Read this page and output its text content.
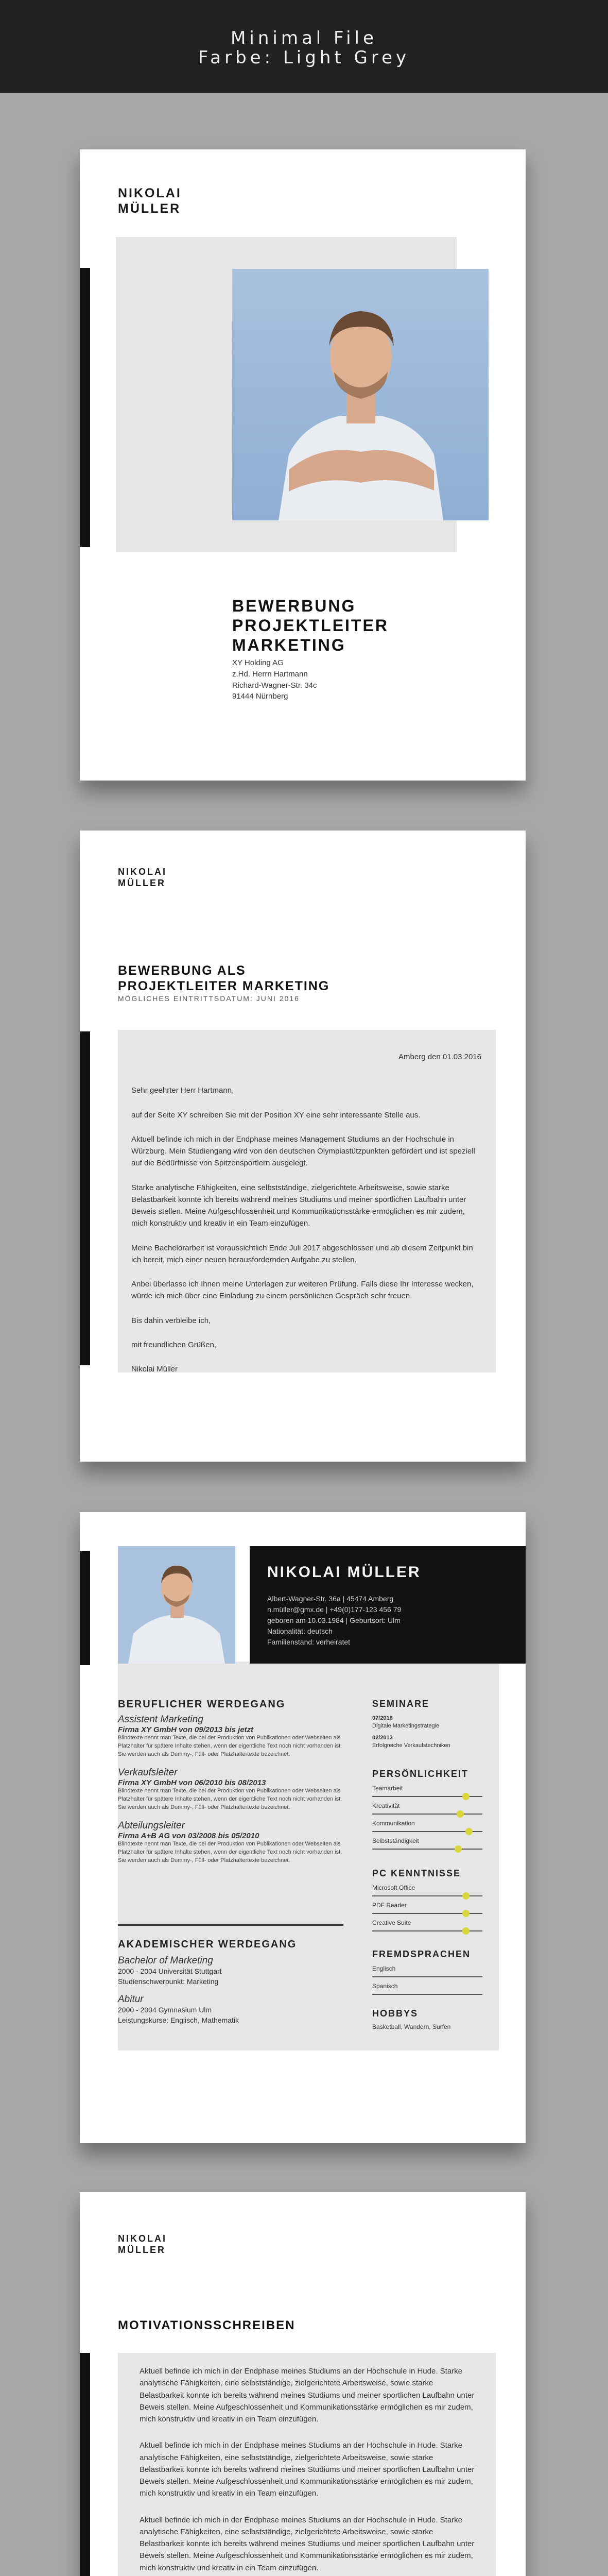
Minimal File
Farbe: Light Grey
NIKOLAI
MÜLLER
BEWERBUNG
PROJEKTLEITER
MARKETING
XY Holding AG
z.Hd. Herrn Hartmann
Richard-Wagner-Str. 34c
91444 Nürnberg
NIKOLAI
MÜLLER
BEWERBUNG ALS
PROJEKTLEITER MARKETING
MÖGLICHES EINTRITTSDATUM: JUNI 2016
Amberg den 01.03.2016
Sehr geehrter Herr Hartmann,
auf der Seite XY schreiben Sie mit der Position XY eine sehr interessante Stelle aus.
Aktuell befinde ich mich in der Endphase meines Management Studiums an der Hochschule in Würzburg. Mein Studiengang wird von den deutschen Olympiastützpunkten gefördert und ist speziell auf die Bedürfnisse von Spitzensportlern ausgelegt.
Starke analytische Fähigkeiten, eine selbstständige, zielgerichtete Arbeitsweise, sowie starke Belastbarkeit konnte ich bereits während meines Studiums und meiner sportlichen Laufbahn unter Beweis stellen. Meine Aufgeschlossenheit und Kommunikationsstärke ermöglichen es mir zudem, mich konstruktiv und kreativ in ein Team einzufügen.
Meine Bachelorarbeit ist voraussichtlich Ende Juli 2017 abgeschlossen und ab diesem Zeitpunkt bin ich bereit, mich einer neuen herausfordernden Aufgabe zu stellen.
Anbei überlasse ich Ihnen meine Unterlagen zur weiteren Prüfung. Falls diese Ihr Interesse wecken, würde ich mich über eine Einladung zu einem persönlichen Gespräch sehr freuen.
Bis dahin verbleibe ich,
mit freundlichen Grüßen,
Nikolai Müller
NIKOLAI MÜLLER
Albert-Wagner-Str. 36a | 45474 Amberg
n.müller@gmx.de | +49(0)177-123 456 79
geboren am 10.03.1984 | Geburtsort: Ulm
Nationalität: deutsch
Familienstand: verheiratet
BERUFLICHER WERDEGANG
Assistent Marketing
Firma XY GmbH von 09/2013 bis jetzt
Blindtexte nennt man Texte, die bei der Produktion von Publikationen oder Webseiten als Platzhalter für spätere Inhalte stehen, wenn der eigentliche Text noch nicht vorhanden ist. Sie werden auch als Dummy-, Füll- oder Platzhaltertexte bezeichnet.
Verkaufsleiter
Firma XY GmbH von 06/2010 bis 08/2013
Blindtexte nennt man Texte, die bei der Produktion von Publikationen oder Webseiten als Platzhalter für spätere Inhalte stehen, wenn der eigentliche Text noch nicht vorhanden ist. Sie werden auch als Dummy-, Füll- oder Platzhaltertexte bezeichnet.
Abteilungsleiter
Firma A+B AG von 03/2008 bis 05/2010
Blindtexte nennt man Texte, die bei der Produktion von Publikationen oder Webseiten als Platzhalter für spätere Inhalte stehen, wenn der eigentliche Text noch nicht vorhanden ist. Sie werden auch als Dummy-, Füll- oder Platzhaltertexte bezeichnet.
AKADEMISCHER WERDEGANG
Bachelor of Marketing
2000 - 2004 Universität Stuttgart
Studienschwerpunkt: Marketing
Abitur
2000 - 2004 Gymnasium Ulm
Leistungskurse: Englisch, Mathematik
SEMINARE
07/2016
Digitale Marketingstrategie
02/2013
Erfolgreiche Verkaufstechniken
PERSÖNLICHKEIT
Teamarbeit
Kreativität
Kommunikation
Selbstständigkeit
PC KENNTNISSE
Microsoft Office
PDF Reader
Creative Suite
FREMDSPRACHEN
Englisch
Spanisch
HOBBYS
Basketball, Wandern, Surfen
NIKOLAI
MÜLLER
MOTIVATIONSSCHREIBEN
Aktuell befinde ich mich in der Endphase meines Studiums an der Hochschule in Hude. Starke analytische Fähigkeiten, eine selbstständige, zielgerichtete Arbeitsweise, sowie starke Belastbarkeit konnte ich bereits während meines Studiums und meiner sportlichen Laufbahn unter Beweis stellen. Meine Aufgeschlossenheit und Kommunikationsstärke ermöglichen es mir zudem, mich konstruktiv und kreativ in ein Team einzufügen.
Aktuell befinde ich mich in der Endphase meines Studiums an der Hochschule in Hude. Starke analytische Fähigkeiten, eine selbstständige, zielgerichtete Arbeitsweise, sowie starke Belastbarkeit konnte ich bereits während meines Studiums und meiner sportlichen Laufbahn unter Beweis stellen. Meine Aufgeschlossenheit und Kommunikationsstärke ermöglichen es mir zudem, mich konstruktiv und kreativ in ein Team einzufügen.
Aktuell befinde ich mich in der Endphase meines Studiums an der Hochschule in Hude. Starke analytische Fähigkeiten, eine selbstständige, zielgerichtete Arbeitsweise, sowie starke Belastbarkeit konnte ich bereits während meines Studiums und meiner sportlichen Laufbahn unter Beweis stellen. Meine Aufgeschlossenheit und Kommunikationsstärke ermöglichen es mir zudem, mich konstruktiv und kreativ in ein Team einzufügen.
